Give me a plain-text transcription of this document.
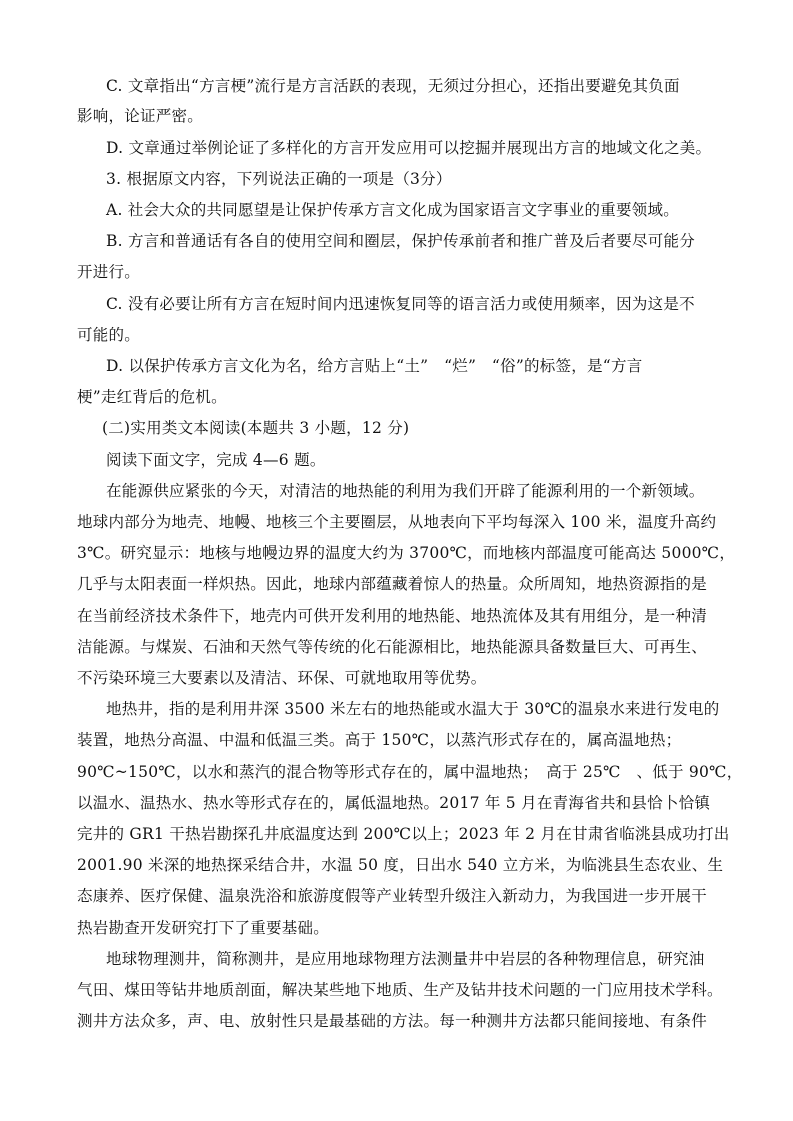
C. 文章指出“方言梗”流行是方言活跃的表现，无须过分担心，还指出要避免其负面
影响，论证严密。
D. 文章通过举例论证了多样化的方言开发应用可以挖掘并展现出方言的地域文化之美。
3. 根据原文内容，下列说法正确的一项是（3分）
A. 社会大众的共同愿望是让保护传承方言文化成为国家语言文字事业的重要领域。
B. 方言和普通话有各自的使用空间和圈层，保护传承前者和推广普及后者要尽可能分
开进行。
C. 没有必要让所有方言在短时间内迅速恢复同等的语言活力或使用频率，因为这是不
可能的。
D. 以保护传承方言文化为名，给方言贴上“土”　“烂”　“俗”的标签，是“方言
梗”走红背后的危机。
(二)实用类文本阅读(本题共 3 小题，12 分)
阅读下面文字，完成 4—6 题。
在能源供应紧张的今天，对清洁的地热能的利用为我们开辟了能源利用的一个新领域。
地球内部分为地壳、地幔、地核三个主要圈层，从地表向下平均每深入 100 米，温度升高约
3℃。研究显示：地核与地幔边界的温度大约为 3700℃，而地核内部温度可能高达 5000℃，
几乎与太阳表面一样炽热。因此，地球内部蕴藏着惊人的热量。众所周知，地热资源指的是
在当前经济技术条件下，地壳内可供开发利用的地热能、地热流体及其有用组分，是一种清
洁能源。与煤炭、石油和天然气等传统的化石能源相比，地热能源具备数量巨大、可再生、
不污染环境三大要素以及清洁、环保、可就地取用等优势。
地热井，指的是利用井深 3500 米左右的地热能或水温大于 30℃的温泉水来进行发电的
装置，地热分高温、中温和低温三类。高于 150℃，以蒸汽形式存在的，属高温地热；
90℃~150℃，以水和蒸汽的混合物等形式存在的，属中温地热；　高于 25℃　、低于 90℃，
以温水、温热水、热水等形式存在的，属低温地热。2017 年 5 月在青海省共和县恰卜恰镇
完井的 GR1 干热岩勘探孔井底温度达到 200℃以上；2023 年 2 月在甘肃省临洮县成功打出
2001.90 米深的地热探采结合井，水温 50 度，日出水 540 立方米，为临洮县生态农业、生
态康养、医疗保健、温泉洗浴和旅游度假等产业转型升级注入新动力，为我国进一步开展干
热岩勘查开发研究打下了重要基础。
地球物理测井，简称测井，是应用地球物理方法测量井中岩层的各种物理信息，研究油
气田、煤田等钻井地质剖面，解决某些地下地质、生产及钻井技术问题的一门应用技术学科。
测井方法众多，声、电、放射性只是最基础的方法。每一种测井方法都只能间接地、有条件
